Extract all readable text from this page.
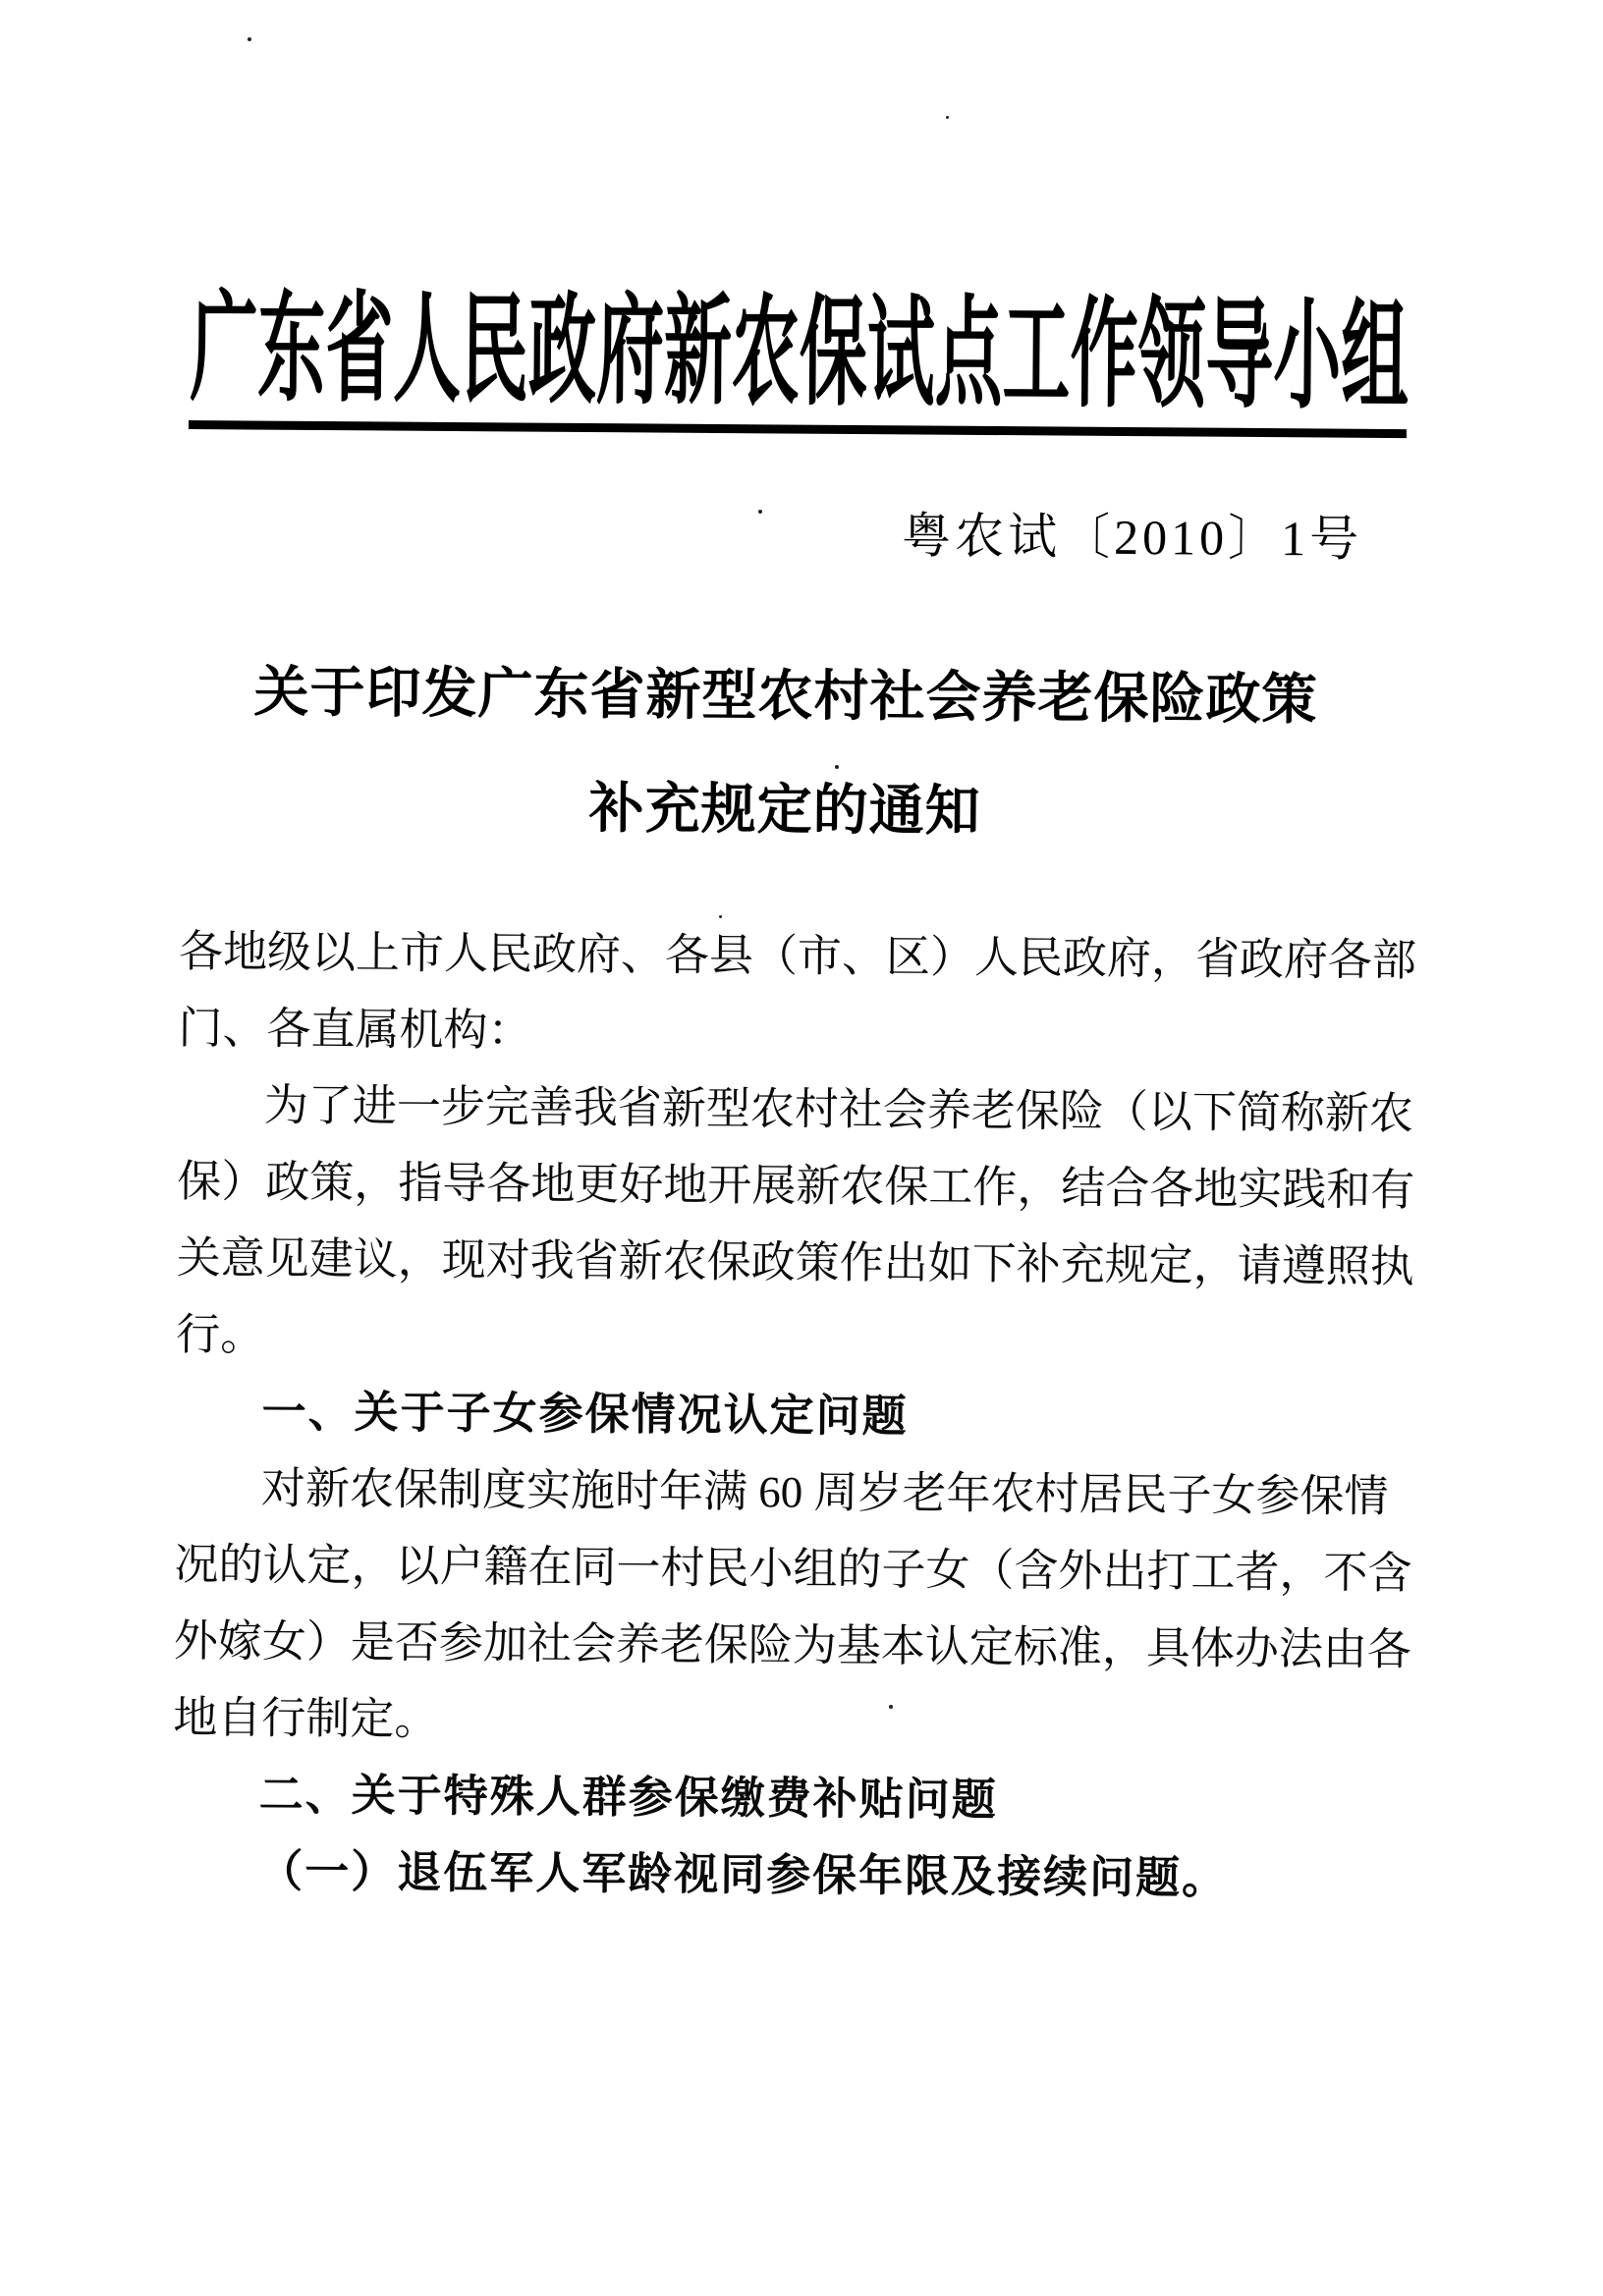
广东省人民政府新农保试点工作领导小组
粤农试〔2010〕1号
关于印发广东省新型农村社会养老保险政策
补充规定的通知
各地级以上市人民政府、各县（市、区）人民政府，省政府各部
门、各直属机构：
为了进一步完善我省新型农村社会养老保险（以下简称新农
保）政策，指导各地更好地开展新农保工作，结合各地实践和有
关意见建议，现对我省新农保政策作出如下补充规定，请遵照执
行。
一、关于子女参保情况认定问题
对新农保制度实施时年满 60 周岁老年农村居民子女参保情
况的认定，以户籍在同一村民小组的子女（含外出打工者，不含
外嫁女）是否参加社会养老保险为基本认定标准，具体办法由各
地自行制定。
二、关于特殊人群参保缴费补贴问题
（一）退伍军人军龄视同参保年限及接续问题。
